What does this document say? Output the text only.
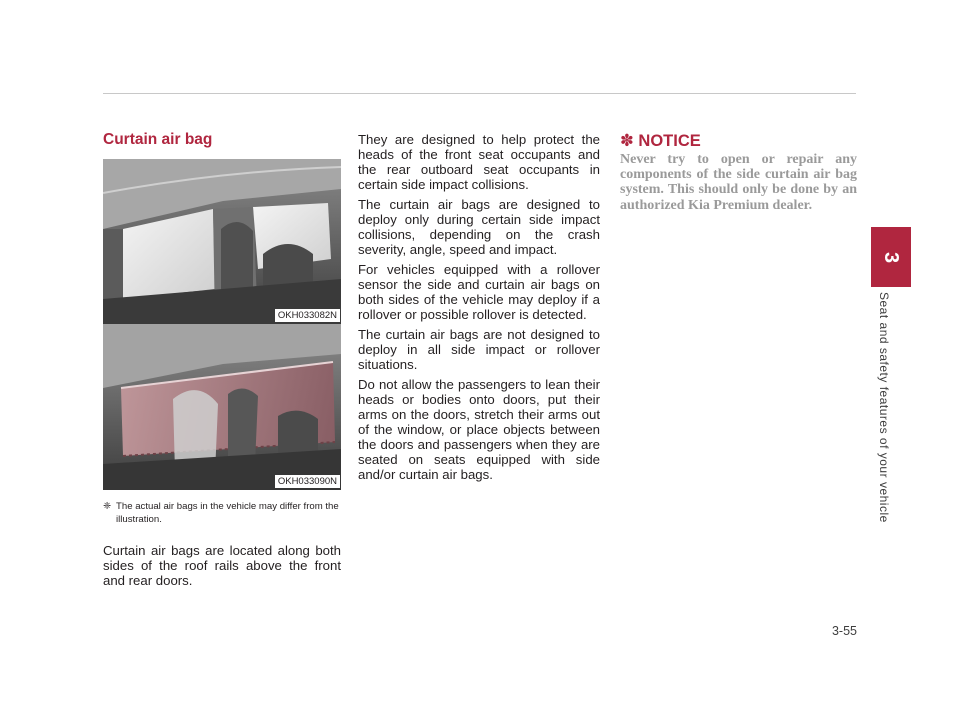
3
Seat and safety features of your vehicle
3-55
Curtain air bag
OKH033082N
OKH033090N
❈ The actual air bags in the vehicle may differ from the illustration.

Curtain air bags are located along both sides of the roof rails above the front and rear doors.

They are designed to help protect the heads of the front seat occupants and the rear outboard seat occupants in certain side impact collisions.

The curtain air bags are designed to deploy only during certain side impact collisions, depending on the crash severity, angle, speed and impact.

For vehicles equipped with a rollover sensor the side and curtain air bags on both sides of the vehicle may deploy if a rollover or possible rollover is detected.

The curtain air bags are not designed to deploy in all side impact or rollover situations.

Do not allow the passengers to lean their heads or bodies onto doors, put their arms on the doors, stretch their arms out of the window, or place objects between the doors and passengers when they are seated on seats equipped with side and/or curtain air bags.

✽ NOTICE

Never try to open or repair any components of the side curtain air bag system. This should only be done by an authorized Kia Premium dealer.
